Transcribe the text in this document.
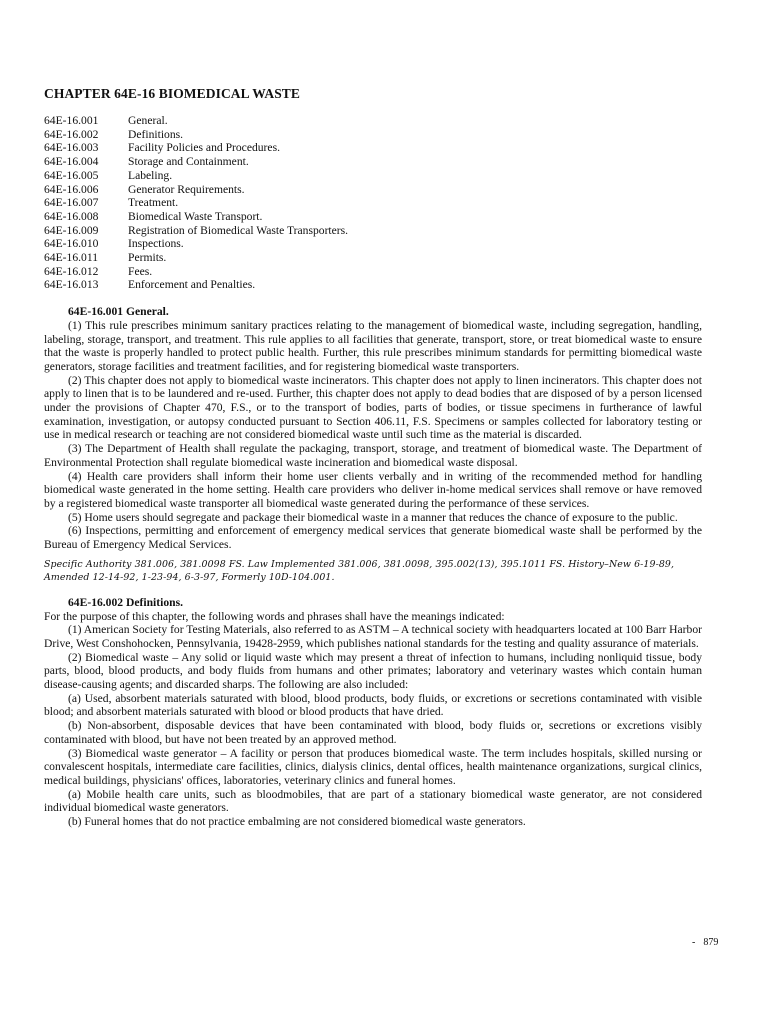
CHAPTER 64E-16 BIOMEDICAL WASTE
64E-16.001	General.
64E-16.002	Definitions.
64E-16.003	Facility Policies and Procedures.
64E-16.004	Storage and Containment.
64E-16.005	Labeling.
64E-16.006	Generator Requirements.
64E-16.007	Treatment.
64E-16.008	Biomedical Waste Transport.
64E-16.009	Registration of Biomedical Waste Transporters.
64E-16.010	Inspections.
64E-16.011	Permits.
64E-16.012	Fees.
64E-16.013	Enforcement and Penalties.
64E-16.001 General.

(1) This rule prescribes minimum sanitary practices relating to the management of biomedical waste, including segregation, handling, labeling, storage, transport, and treatment. This rule applies to all facilities that generate, transport, store, or treat biomedical waste to ensure that the waste is properly handled to protect public health. Further, this rule prescribes minimum standards for permitting biomedical waste generators, storage facilities and treatment facilities, and for registering biomedical waste transporters.

(2) This chapter does not apply to biomedical waste incinerators. This chapter does not apply to linen incinerators. This chapter does not apply to linen that is to be laundered and re-used. Further, this chapter does not apply to dead bodies that are disposed of by a person licensed under the provisions of Chapter 470, F.S., or to the transport of bodies, parts of bodies, or tissue specimens in furtherance of lawful examination, investigation, or autopsy conducted pursuant to Section 406.11, F.S. Specimens or samples collected for laboratory testing or use in medical research or teaching are not considered biomedical waste until such time as the material is discarded.

(3) The Department of Health shall regulate the packaging, transport, storage, and treatment of biomedical waste. The Department of Environmental Protection shall regulate biomedical waste incineration and biomedical waste disposal.

(4) Health care providers shall inform their home user clients verbally and in writing of the recommended method for handling biomedical waste generated in the home setting. Health care providers who deliver in-home medical services shall remove or have removed by a registered biomedical waste transporter all biomedical waste generated during the performance of these services.

(5) Home users should segregate and package their biomedical waste in a manner that reduces the chance of exposure to the public.

(6) Inspections, permitting and enforcement of emergency medical services that generate biomedical waste shall be performed by the Bureau of Emergency Medical Services.

Specific Authority 381.006, 381.0098 FS. Law Implemented 381.006, 381.0098, 395.002(13), 395.1011 FS. History–New 6-19-89, Amended 12-14-92, 1-23-94, 6-3-97, Formerly 10D-104.001.
64E-16.002 Definitions.

For the purpose of this chapter, the following words and phrases shall have the meanings indicated:

(1) American Society for Testing Materials, also referred to as ASTM – A technical society with headquarters located at 100 Barr Harbor Drive, West Conshohocken, Pennsylvania, 19428-2959, which publishes national standards for the testing and quality assurance of materials.

(2) Biomedical waste – Any solid or liquid waste which may present a threat of infection to humans, including nonliquid tissue, body parts, blood, blood products, and body fluids from humans and other primates; laboratory and veterinary wastes which contain human disease-causing agents; and discarded sharps. The following are also included:

(a) Used, absorbent materials saturated with blood, blood products, body fluids, or excretions or secretions contaminated with visible blood; and absorbent materials saturated with blood or blood products that have dried.

(b) Non-absorbent, disposable devices that have been contaminated with blood, body fluids or, secretions or excretions visibly contaminated with blood, but have not been treated by an approved method.

(3) Biomedical waste generator – A facility or person that produces biomedical waste. The term includes hospitals, skilled nursing or convalescent hospitals, intermediate care facilities, clinics, dialysis clinics, dental offices, health maintenance organizations, surgical clinics, medical buildings, physicians' offices, laboratories, veterinary clinics and funeral homes.

(a) Mobile health care units, such as bloodmobiles, that are part of a stationary biomedical waste generator, are not considered individual biomedical waste generators.

(b) Funeral homes that do not practice embalming are not considered biomedical waste generators.

- 879
